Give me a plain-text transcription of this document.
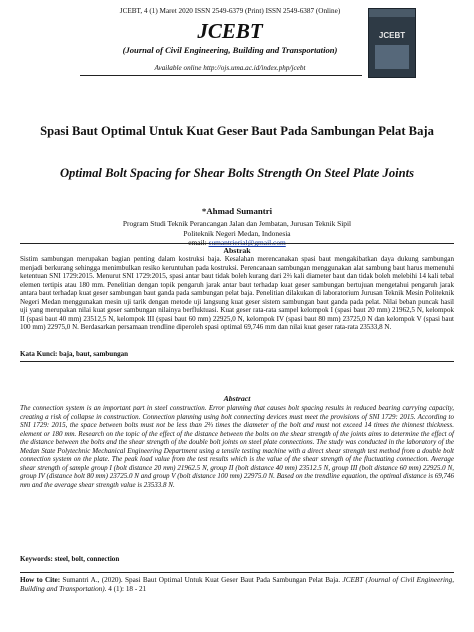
JCEBT, 4 (1) Maret 2020 ISSN 2549-6379 (Print) ISSN 2549-6387 (Online)
JCEBT
(Journal of Civil Engineering, Building and Transportation)
Available online http://ojs.uma.ac.id/index.php/jcebt
JCEBT
Spasi Baut Optimal Untuk Kuat Geser Baut Pada Sambungan Pelat Baja
Optimal Bolt Spacing for Shear Bolts Strength On Steel Plate Joints
*Ahmad Sumantri
Program Studi Teknik Perancangan Jalan dan Jembatan, Jurusan Teknik Sipil
Politeknik Negeri Medan, Indonesia
email: sumantrierial@gmail.com
Abstrak
Sistim sambungan merupakan bagian penting dalam kostruksi baja. Kesalahan merencanakan spasi baut mengakibatkan daya dukung sambungan menjadi berkurang sehingga menimbulkan resiko keruntuhan pada kostruksi. Perencanaan sambungan menggunakan alat sambung baut harus memenuhi ketentuan SNI 1729:2015. Menurut SNI 1729:2015, spasi antar baut tidak boleh kurang dari 2⅔ kali diameter baut dan tidak boleh melebihi 14 kali tebal elemen tertipis atau 180 mm. Penelitian dengan topik pengaruh jarak antar baut terhadap kuat geser sambungan bertujuan mengetahui pengaruh jarak antara baut terhadap kuat geser sambungan baut ganda pada sambungan pelat baja. Penelitian dilakukan di laboratorium Jurusan Teknik Mesin Politeknik Negeri Medan menggunakan mesin uji tarik dengan metode uji langsung kuat geser sistem sambungan baut ganda pada pelat. Nilai beban puncak hasil uji yang merupakan nilai kuat geser sambungan nilainya berfluktuasi. Kuat geser rata-rata sampel kelompok I (spasi baut 20 mm) 21962,5 N, kelompok II (spasi baut 40 mm) 23512,5 N, kelompok III (spasi baut 60 mm) 22925,0 N, kelompok IV (spasi baut 80 mm) 23725,0 N dan kelompok V (spasi baut 100 mm) 22975,0 N. Berdasarkan persamaan trendline diperoleh spasi optimal 69,746 mm dan nilai kuat geser rata-rata 23533,8 N.
Kata Kunci: baja, baut, sambungan
Abstract
The connection system is an important part in steel construction. Error planning that causes bolt spacing results in reduced bearing carrying capacity, creating a risk of collapse in construction. Connection planning using bolt connecting devices must meet the provisions of SNI 1729: 2015. According to SNI 1729: 2015, the space between bolts must not be less than 2⅔ times the diameter of the bolt and must not exceed 14 times the thinnest thickness. element or 180 mm. Research on the topic of the effect of the distance between the bolts on the shear strength of the joints aims to determine the effect of the distance between the bolts and the shear strength of the double bolt joints on steel plate connections. The study was conducted in the laboratory of the Medan State Polytechnic Mechanical Engineering Department using a tensile testing machine with a direct shear strength test method from a double bolt connection system on the plate. The peak load value from the test results which is the value of the shear strength of the fluctuating connection. Average shear strength of sample group I (bolt distance 20 mm) 21962.5 N, group II (bolt distance 40 mm) 23512.5 N, group III (bolt distance 60 mm) 22925.0 N, group IV (distance bolt 80 mm) 23725.0 N and group V (bolt distance 100 mm) 22975.0 N. Based on the trendline equation, the optimal distance is 69,746 mm and the average shear strength value is 23533.8 N.
Keywords: steel, bolt, connection
How to Cite: Sumantri A., (2020). Spasi Baut Optimal Untuk Kuat Geser Baut Pada Sambungan Pelat Baja. JCEBT (Journal of Civil Engineering, Building and Transportation). 4 (1): 18 - 21
